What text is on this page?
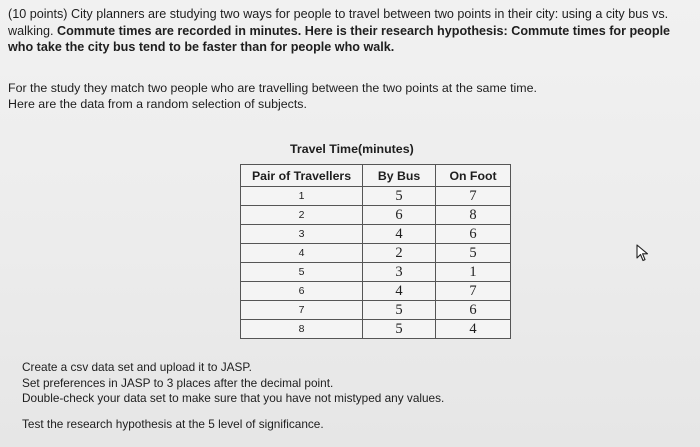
(10 points) City planners are studying two ways for people to travel between two points in their city: using a city bus vs. walking. Commute times are recorded in minutes. Here is their research hypothesis: Commute times for people who take the city bus tend to be faster than for people who walk.
For the study they match two people who are travelling between the two points at the same time.
Here are the data from a random selection of subjects.
Travel Time(minutes)
Pair of Travellers	By Bus	On Foot
1	5	7
2	6	8
3	4	6
4	2	5
5	3	1
6	4	7
7	5	6
8	5	4
Create a csv data set and upload it to JASP.
Set preferences in JASP to 3 places after the decimal point.
Double-check your data set to make sure that you have not mistyped any values.
Test the research hypothesis at the 5 level of significance.
